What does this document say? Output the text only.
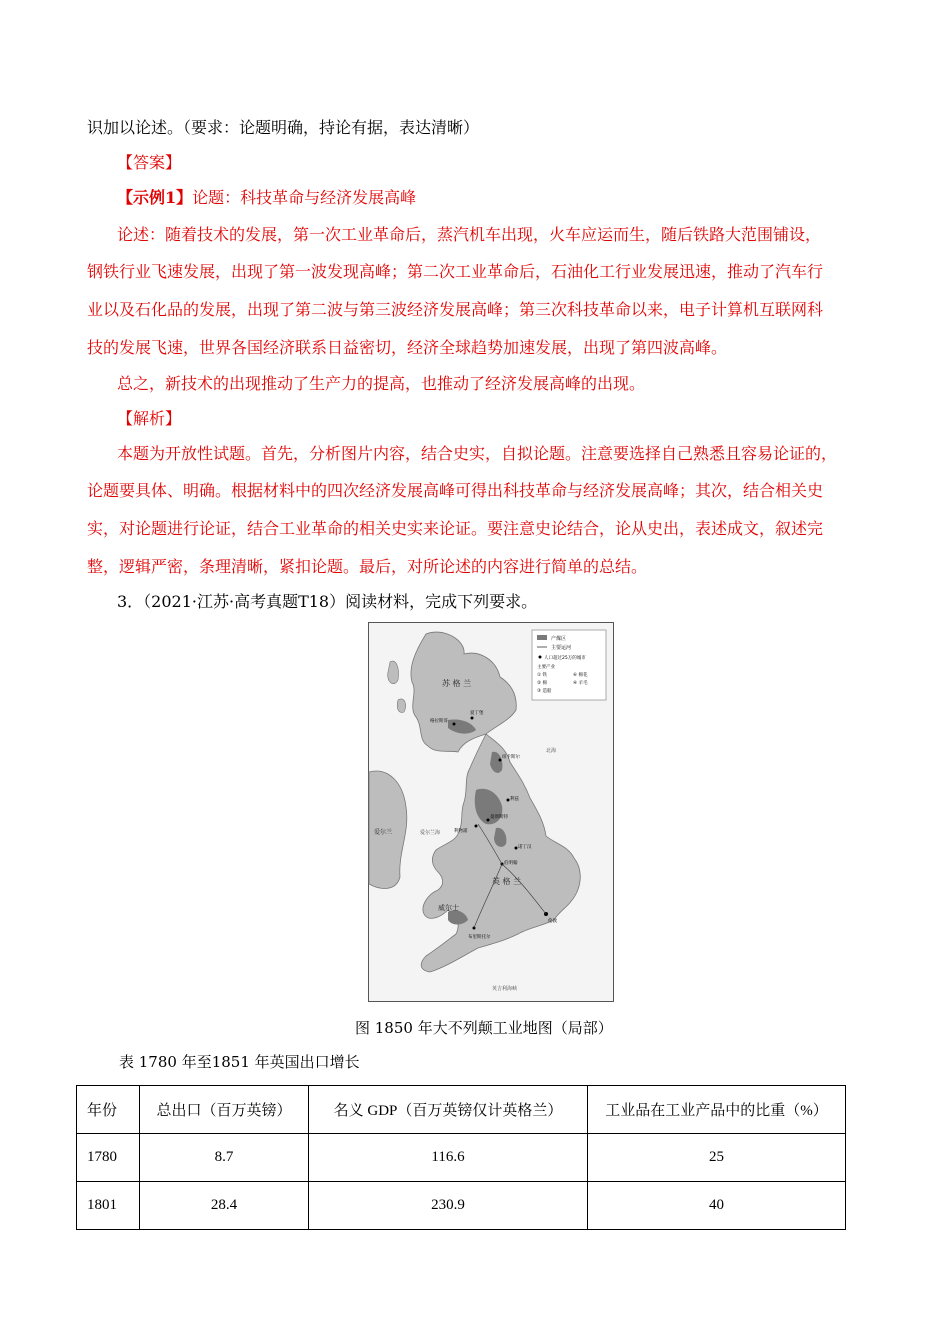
识加以论述。（要求：论题明确，持论有据，表达清晰）
【答案】
【示例1】论题：科技革命与经济发展高峰
论述：随着技术的发展，第一次工业革命后，蒸汽机车出现，火车应运而生，随后铁路大范围铺设，
钢铁行业飞速发展，出现了第一波发现高峰；第二次工业革命后，石油化工行业发展迅速，推动了汽车行
业以及石化品的发展，出现了第二波与第三波经济发展高峰；第三次科技革命以来，电子计算机互联网科
技的发展飞速，世界各国经济联系日益密切，经济全球趋势加速发展，出现了第四波高峰。
总之，新技术的出现推动了生产力的提高，也推动了经济发展高峰的出现。
【解析】
本题为开放性试题。首先，分析图片内容，结合史实，自拟论题。注意要选择自己熟悉且容易论证的，
论题要具体、明确。根据材料中的四次经济发展高峰可得出科技革命与经济发展高峰；其次，结合相关史
实，对论题进行论证，结合工业革命的相关史实来论证。要注意史论结合，论从史出，表述成文，叙述完
整，逻辑严密，条理清晰，紧扣论题。最后，对所论述的内容进行简单的总结。
3．（2021·江苏·高考真题T18）阅读材料，完成下列要求。
产煤区
主要运河
人口超过25万的城市
主要产业
① 铁	⑥ 棉花
② 棉	④ 羊毛
③ 造船
苏 格 兰
威尔士
英 格 兰
爱尔兰
北海
爱尔兰海
英吉利海峡
格拉斯哥
爱丁堡
纽卡斯尔
利物浦
曼彻斯特
利兹
诺丁汉
伯明翰
布里斯托尔
伦敦
图 1850 年大不列颠工业地图（局部）
表 1780 年至1851 年英国出口增长
年份	总出口（百万英镑）	名义 GDP（百万英镑仅计英格兰）	工业品在工业产品中的比重（%）
1780	8.7	116.6	25
1801	28.4	230.9	40
